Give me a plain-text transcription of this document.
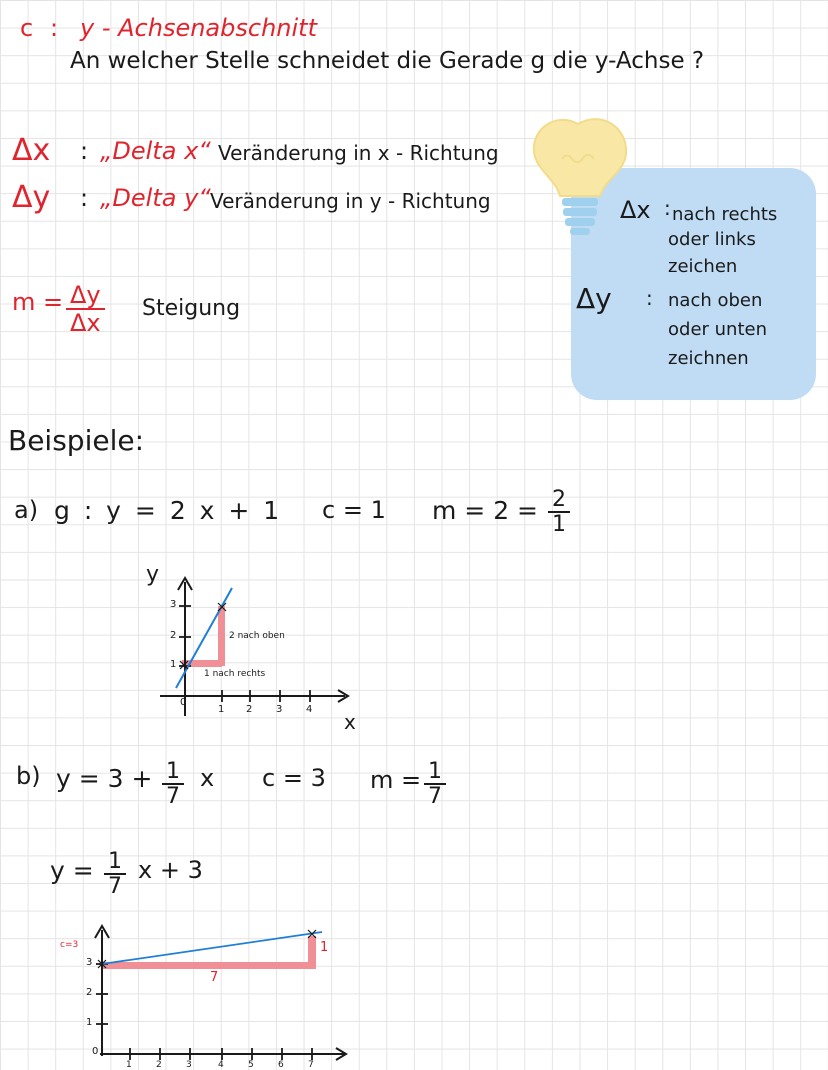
c : y - Achsenabschnitt
An welcher Stelle schneidet die Gerade g die y-Achse ?
Δx : „Delta x“ Veränderung in x - Richtung
Δy : „Delta y“ Veränderung in y - Richtung
$m = \frac{\Delta y}{\Delta x}$ Steigung
Δx : nach rechts
oder links
zeichen
Δy : nach oben
oder unten
zeichnen
Beispiele:
a) g : y = 2 x + 1 c = 1 $m = 2 = \frac{2}{1}$
y
x
0
1 2 3 4
1
2
3
1 nach rechts
2 nach oben
b) $y = 3 + \frac{1}{7}$ x c = 3 $m = \frac{1}{7}$
$y = \frac{1}{7}$ x + 3
c=3
0
1
2
3
1	2	3	4	5	6	7
7
1
